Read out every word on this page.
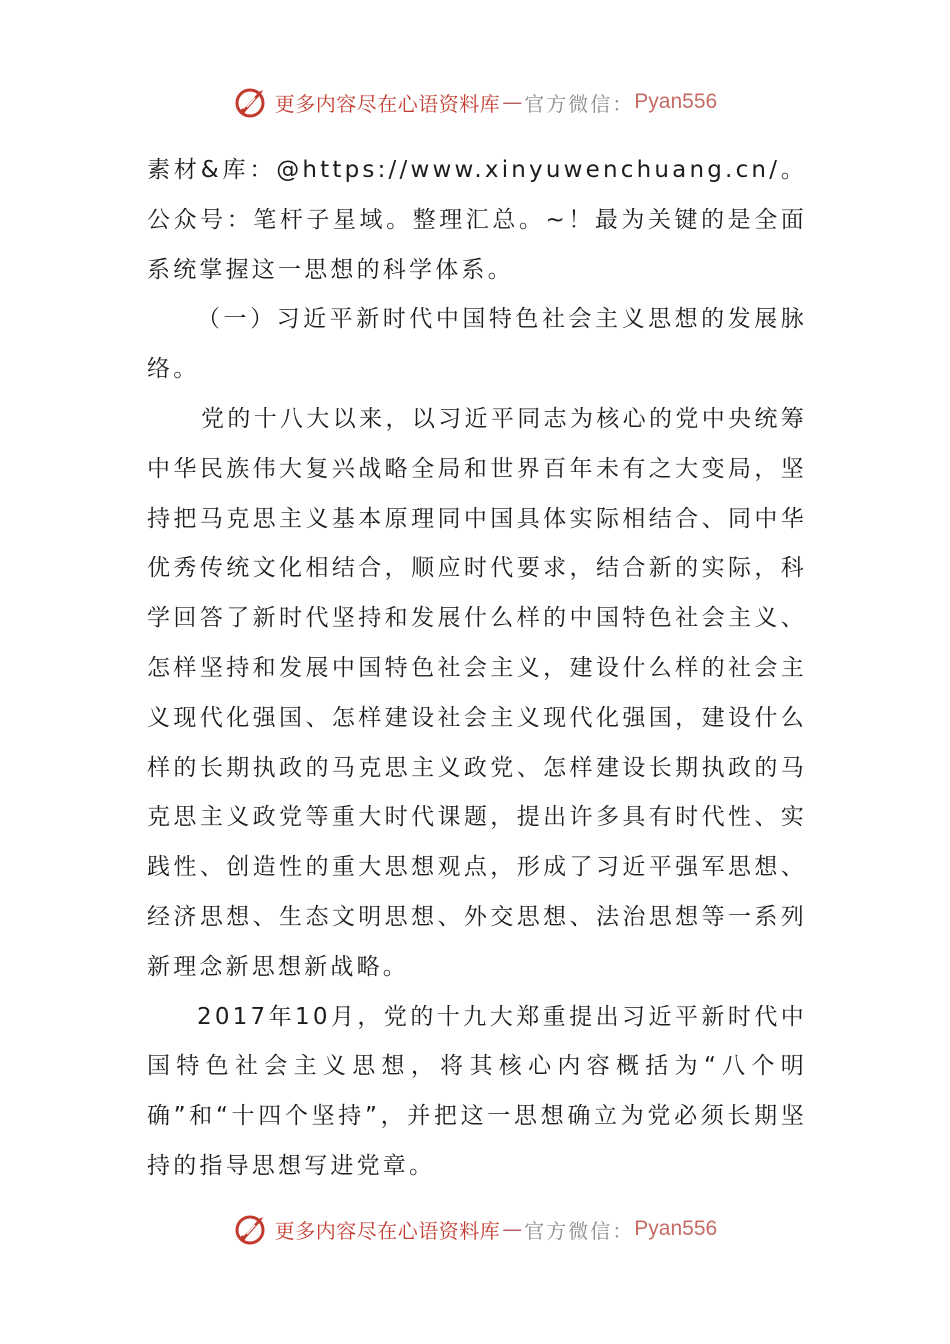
更多内容尽在心语资料库 — 官方微信： Pyan556

素材&库：@https://www.xinyuwenchuang.cn/。公众号：笔杆子星域。整理汇总。~！最为关键的是全面系统掌握这一思想的科学体系。

（一）习近平新时代中国特色社会主义思想的发展脉络。

党的十八大以来，以习近平同志为核心的党中央统筹中华民族伟大复兴战略全局和世界百年未有之大变局，坚持把马克思主义基本原理同中国具体实际相结合、同中华优秀传统文化相结合，顺应时代要求，结合新的实际，科学回答了新时代坚持和发展什么样的中国特色社会主义、怎样坚持和发展中国特色社会主义，建设什么样的社会主义现代化强国、怎样建设社会主义现代化强国，建设什么样的长期执政的马克思主义政党、怎样建设长期执政的马克思主义政党等重大时代课题，提出许多具有时代性、实践性、创造性的重大思想观点，形成了习近平强军思想、经济思想、生态文明思想、外交思想、法治思想等一系列新理念新思想新战略。

2017年10月，党的十九大郑重提出习近平新时代中国特色社会主义思想，将其核心内容概括为“八个明确”和“十四个坚持”，并把这一思想确立为党必须长期坚持的指导思想写进党章。

更多内容尽在心语资料库 — 官方微信： Pyan556
